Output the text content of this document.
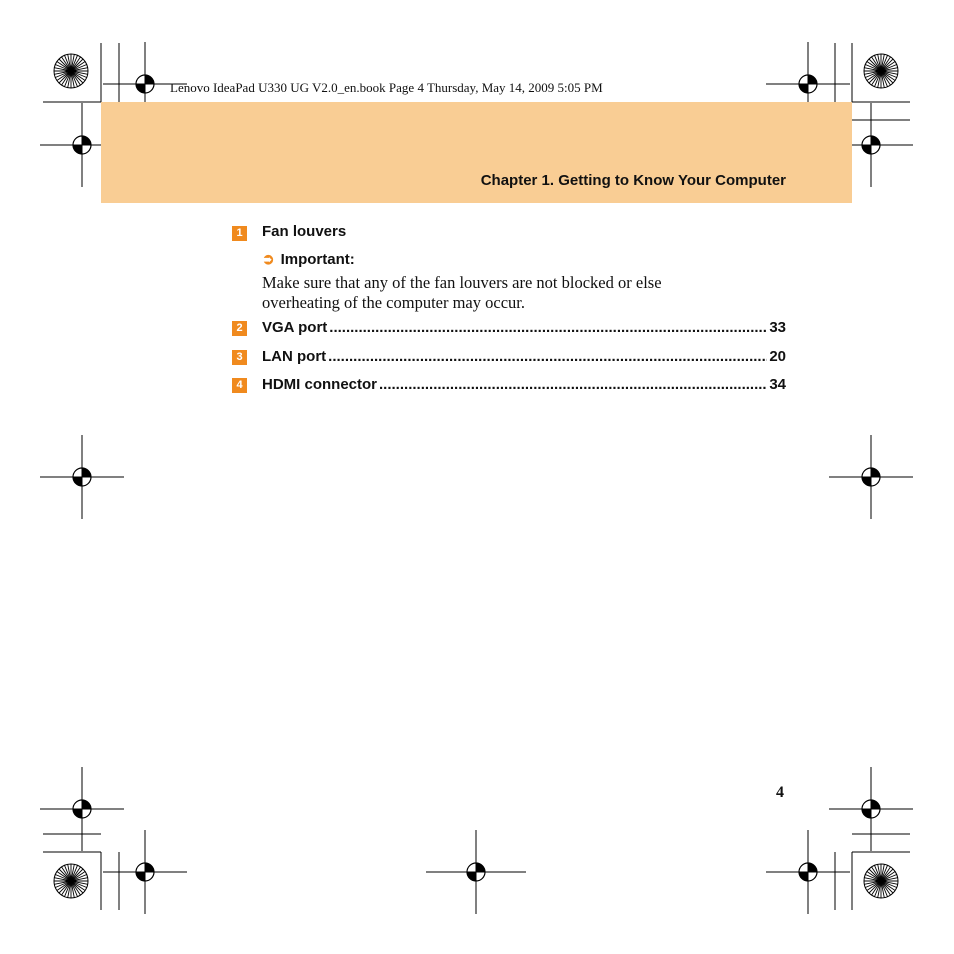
Lenovo IdeaPad U330 UG V2.0_en.book Page 4 Thursday, May 14, 2009 5:05 PM
Chapter 1. Getting to Know Your Computer
1 Fan louvers
➲ Important:
Make sure that any of the fan louvers are not blocked or else overheating of the computer may occur.
2 VGA port .....	33
3 LAN port .....	20
4 HDMI connector .....	34
4
